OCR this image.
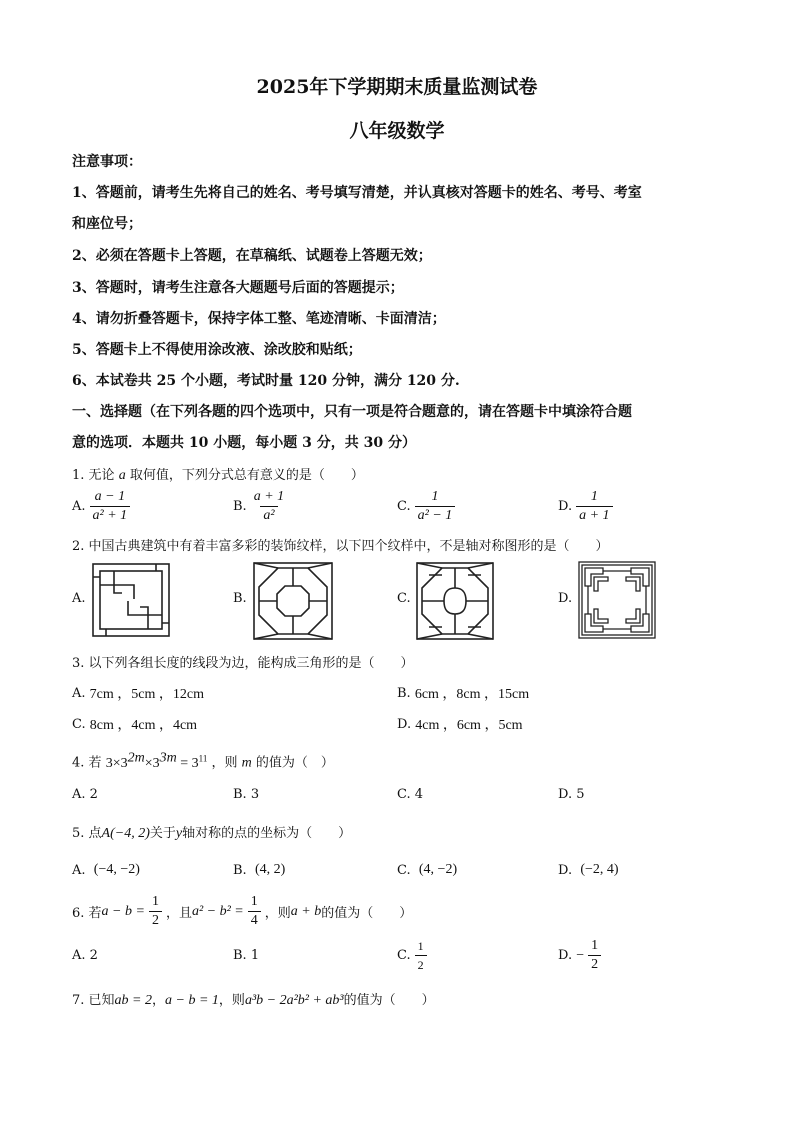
2025年下学期期末质量监测试卷
八年级数学
注意事项：
1、答题前，请考生先将自己的姓名、考号填写清楚，并认真核对答题卡的姓名、考号、考室
和座位号；
2、必须在答题卡上答题，在草稿纸、试题卷上答题无效；
3、答题时，请考生注意各大题题号后面的答题提示；
4、请勿折叠答题卡，保持字体工整、笔迹清晰、卡面清洁；
5、答题卡上不得使用涂改液、涂改胶和贴纸；
6、本试卷共 25 个小题，考试时量 120 分钟，满分 120 分.
一、选择题（在下列各题的四个选项中，只有一项是符合题意的，请在答题卡中填涂符合题
意的选项．本题共 10 小题，每小题 3 分，共 30 分）
1. 无论 a 取何值，下列分式总有意义的是（　　）
A. $\frac{a - 1}{\text{a² + 1}}$	B. $\frac{a + 1}{\text{a²}}$	C. $\frac{1}{\text{a² − 1}}$	D. $\frac{1}{a + 1}$
2. 中国古典建筑中有着丰富多彩的装饰纹样，以下四个纹样中，不是轴对称图形的是（　　）
A.	B.	C.	D.
3. 以下列各组长度的线段为边，能构成三角形的是（　　）
A.
7cm ，5cm ，12cm	B.
6cm ，8cm ，15cm
C.
8cm ，4cm ，4cm	D.
4cm ，6cm ，5cm
4. 若 $3\times 3^{2m}\times 3^{3m} = 3^{11}$ ，则 m 的值为（　）
A.
2	B.
3	C.
4	D.
5
5. 点A(−4, 2)关于y轴对称的点的坐标为（　　）
A.
(−4, −2)	B.
(4, 2)	C.
(4, −2)	D.
(−2, 4)
6. 若 $a - b = \frac{1}{2}$ ，且 $a^2 - b^2 = \frac{1}{4}$ ，则 a + b 的值为（　　）
A.
2	B.
1	C. $\frac{1}{2}$	D.
− $\frac{1}{2}$
7. 已知ab = 2，a − b = 1，则a³b − 2a²b² + ab³的值为（　　）
